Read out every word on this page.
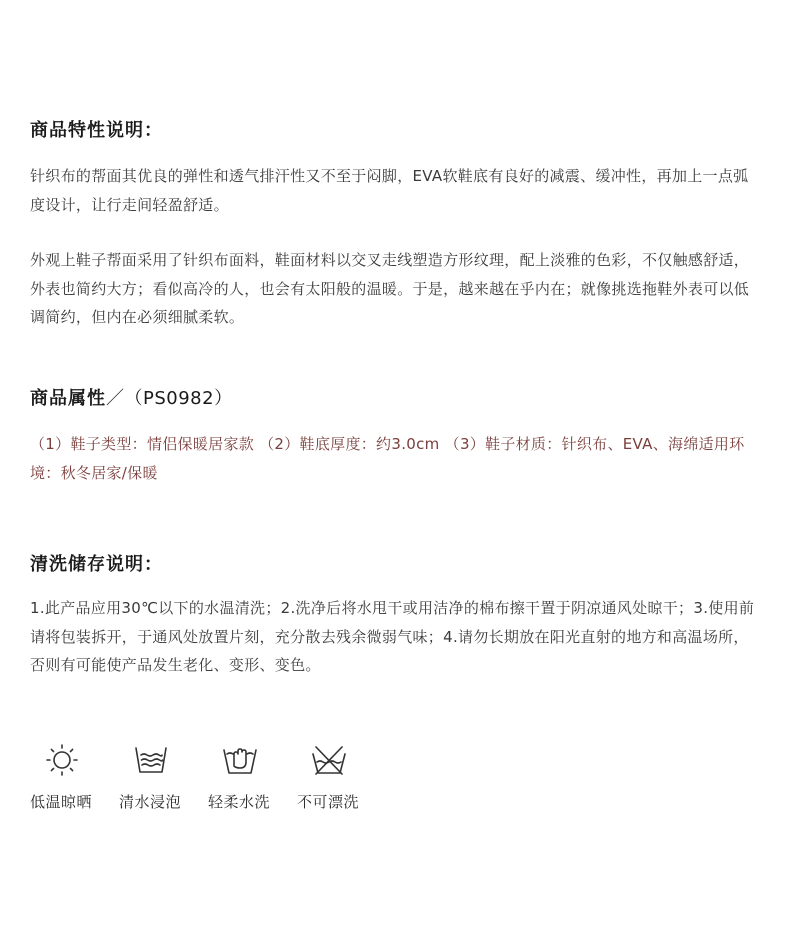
商品特性说明：

针织布的帮面其优良的弹性和透气排汗性又不至于闷脚，EVA软鞋底有良好的减震、缓冲性，再加上一点弧度设计，让行走间轻盈舒适。

外观上鞋子帮面采用了针织布面料，鞋面材料以交叉走线塑造方形纹理，配上淡雅的色彩，不仅触感舒适，外表也简约大方；看似高冷的人，也会有太阳般的温暖。于是，越来越在乎内在；就像挑选拖鞋外表可以低调简约，但内在必须细腻柔软。

商品属性／（PS0982）

（1）鞋子类型：情侣保暖居家款 （2）鞋底厚度：约3.0cm （3）鞋子材质：针织布、EVA、海绵适用环境：秋冬居家/保暖

清洗储存说明：

1.此产品应用30℃以下的水温清洗；2.洗净后将水甩干或用洁净的棉布擦干置于阴凉通风处晾干；3.使用前请将包装拆开，于通风处放置片刻，充分散去残余微弱气味；4.请勿长期放在阳光直射的地方和高温场所，否则有可能使产品发生老化、变形、变色。

低温晾晒 清水浸泡 轻柔水洗 不可漂洗
